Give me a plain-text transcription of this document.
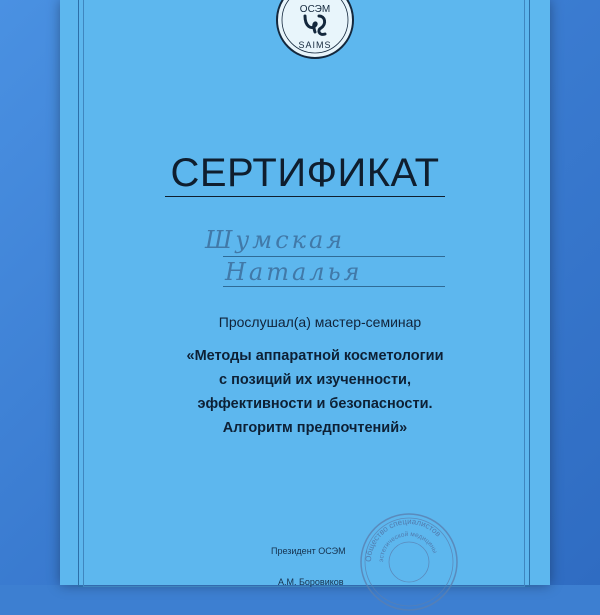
ОСЭМ
SAIMS
СЕРТИФИКАТ
Шумская
Наталья
Прослушал(а) мастер-семинар
«Методы аппаратной косметологии
с позиций их изученности,
эффективности и безопасности.
Алгоритм предпочтений»
Президент ОСЭМ
А.М. Боровиков
Общество специалистов
эстетической медицины
